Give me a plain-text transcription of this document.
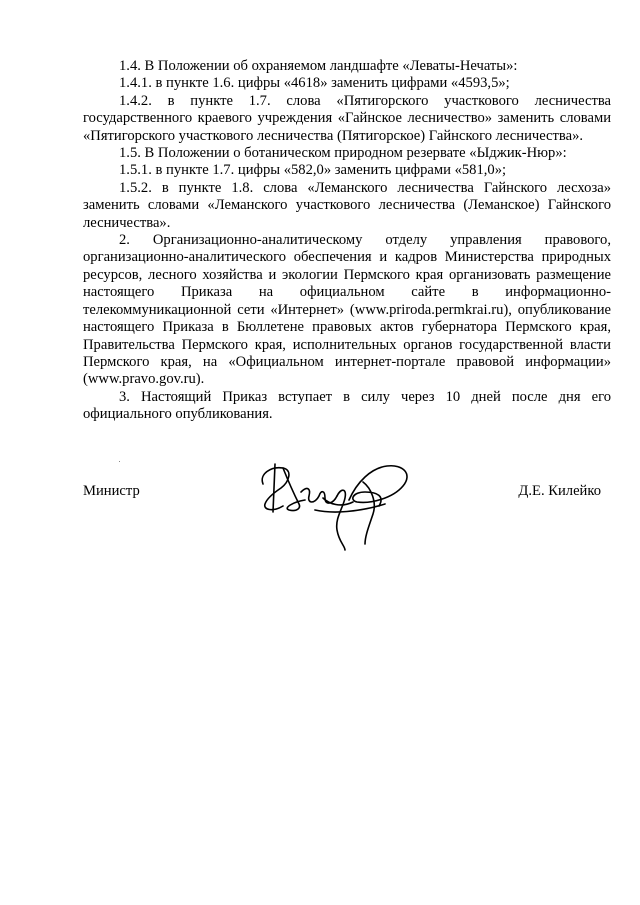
1.4. В Положении об охраняемом ландшафте «Леваты-Нечаты»:

1.4.1. в пункте 1.6. цифры «4618» заменить цифрами «4593,5»;

1.4.2. в пункте 1.7. слова «Пятигорского участкового лесничества государственного краевого учреждения «Гайнское лесничество» заменить словами «Пятигорского участкового лесничества (Пятигорское) Гайнского лесничества».

1.5. В Положении о ботаническом природном резервате «Ыджик-Нюр»:

1.5.1. в пункте 1.7. цифры «582,0» заменить цифрами «581,0»;

1.5.2. в пункте 1.8. слова «Леманского лесничества Гайнского лесхоза» заменить словами «Леманского участкового лесничества (Леманское) Гайнского лесничества».

2. Организационно-аналитическому отделу управления правового, организационно-аналитического обеспечения и кадров Министерства природных ресурсов, лесного хозяйства и экологии Пермского края организовать размещение настоящего Приказа на официальном сайте в информационно-телекоммуникационной сети «Интернет» (www.priroda.permkrai.ru), опубликование настоящего Приказа в Бюллетене правовых актов губернатора Пермского края, Правительства Пермского края, исполнительных органов государственной власти Пермского края, на «Официальном интернет-портале правовой информации» (www.pravo.gov.ru).

3. Настоящий Приказ вступает в силу через 10 дней после дня его официального опубликования.

Министр	Д.Е. Килейко
